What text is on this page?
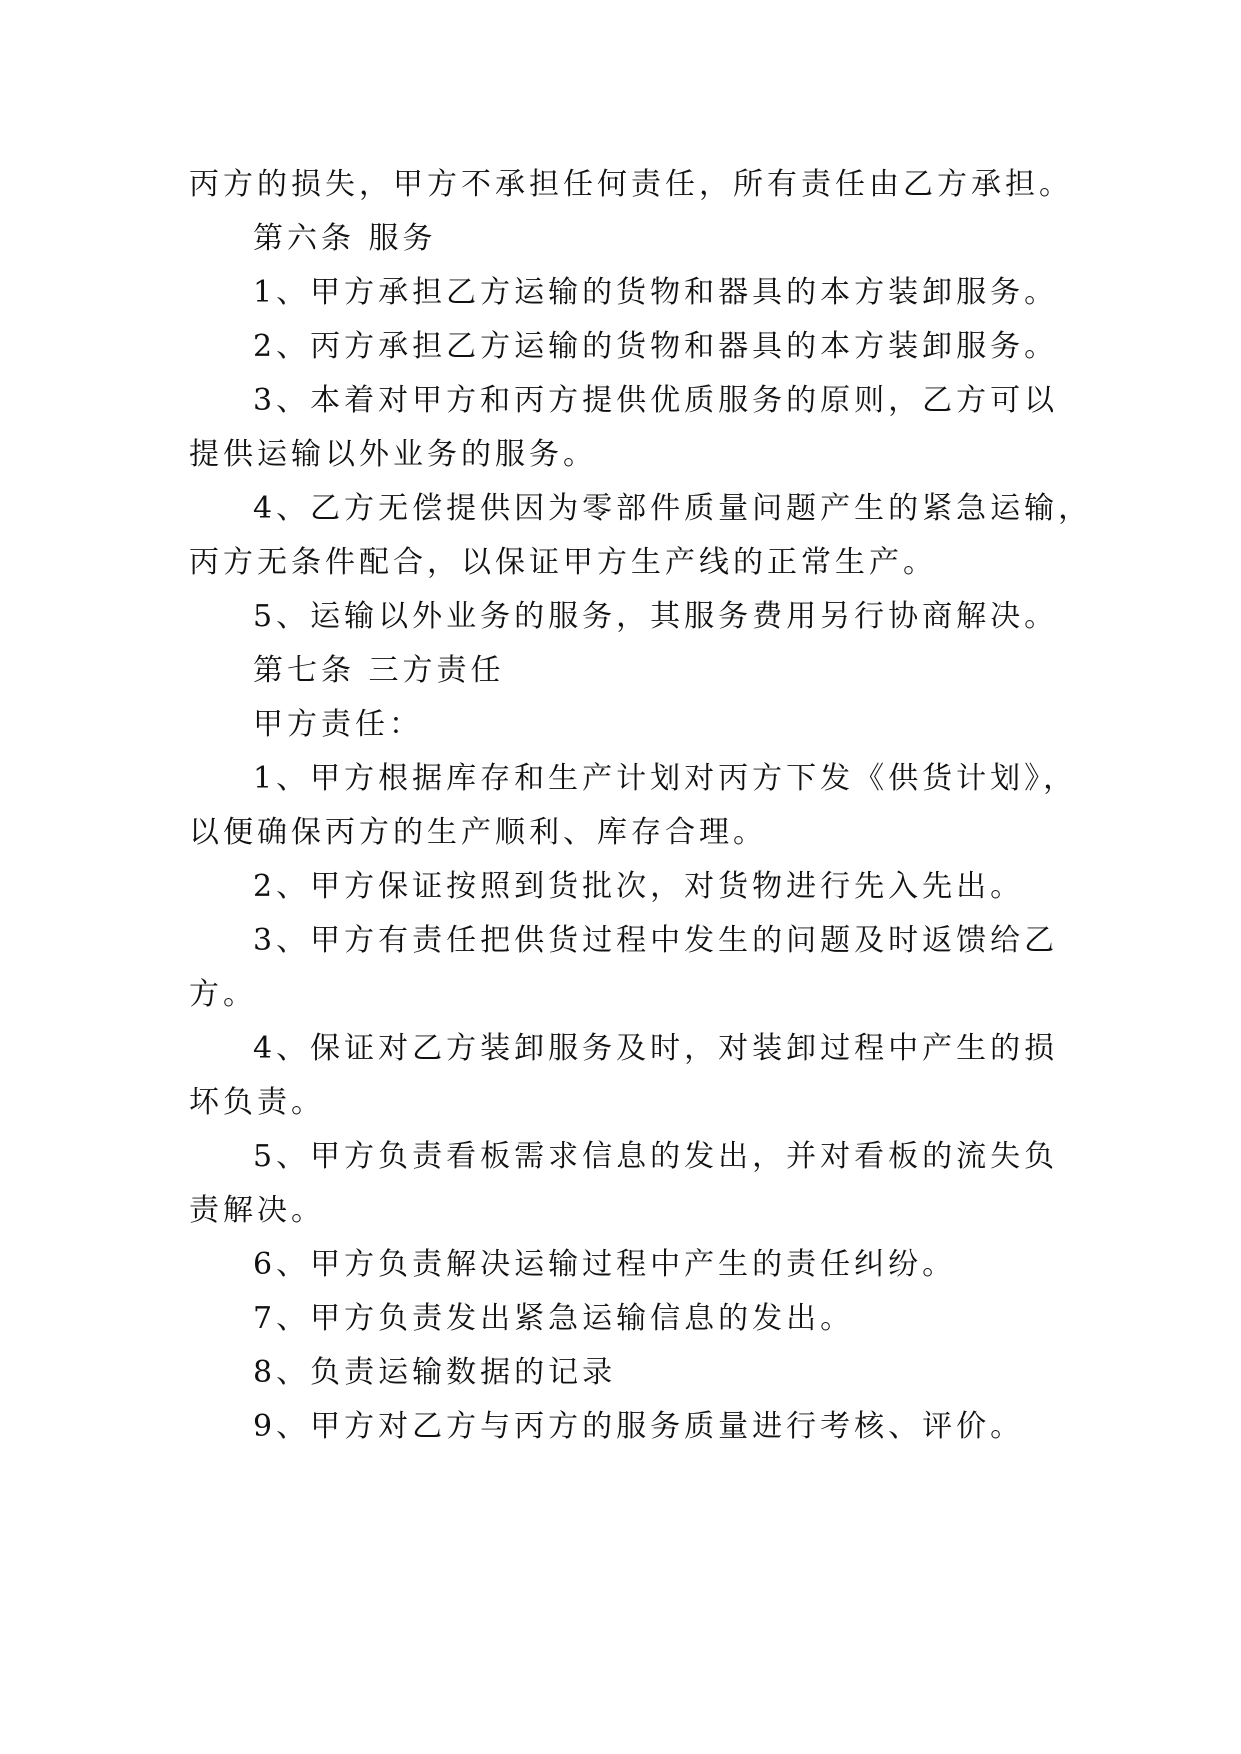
丙方的损失，甲方不承担任何责任，所有责任由乙方承担。
第六条 服务
1、甲方承担乙方运输的货物和器具的本方装卸服务。
2、丙方承担乙方运输的货物和器具的本方装卸服务。
3、本着对甲方和丙方提供优质服务的原则，乙方可以
提供运输以外业务的服务。
4、乙方无偿提供因为零部件质量问题产生的紧急运输，
丙方无条件配合，以保证甲方生产线的正常生产。
5、运输以外业务的服务，其服务费用另行协商解决。
第七条 三方责任
甲方责任：
1、甲方根据库存和生产计划对丙方下发《供货计划》，
以便确保丙方的生产顺利、库存合理。
2、甲方保证按照到货批次，对货物进行先入先出。
3、甲方有责任把供货过程中发生的问题及时返馈给乙
方。
4、保证对乙方装卸服务及时，对装卸过程中产生的损
坏负责。
5、甲方负责看板需求信息的发出，并对看板的流失负
责解决。
6、甲方负责解决运输过程中产生的责任纠纷。
7、甲方负责发出紧急运输信息的发出。
8、负责运输数据的记录
9、甲方对乙方与丙方的服务质量进行考核、评价。
